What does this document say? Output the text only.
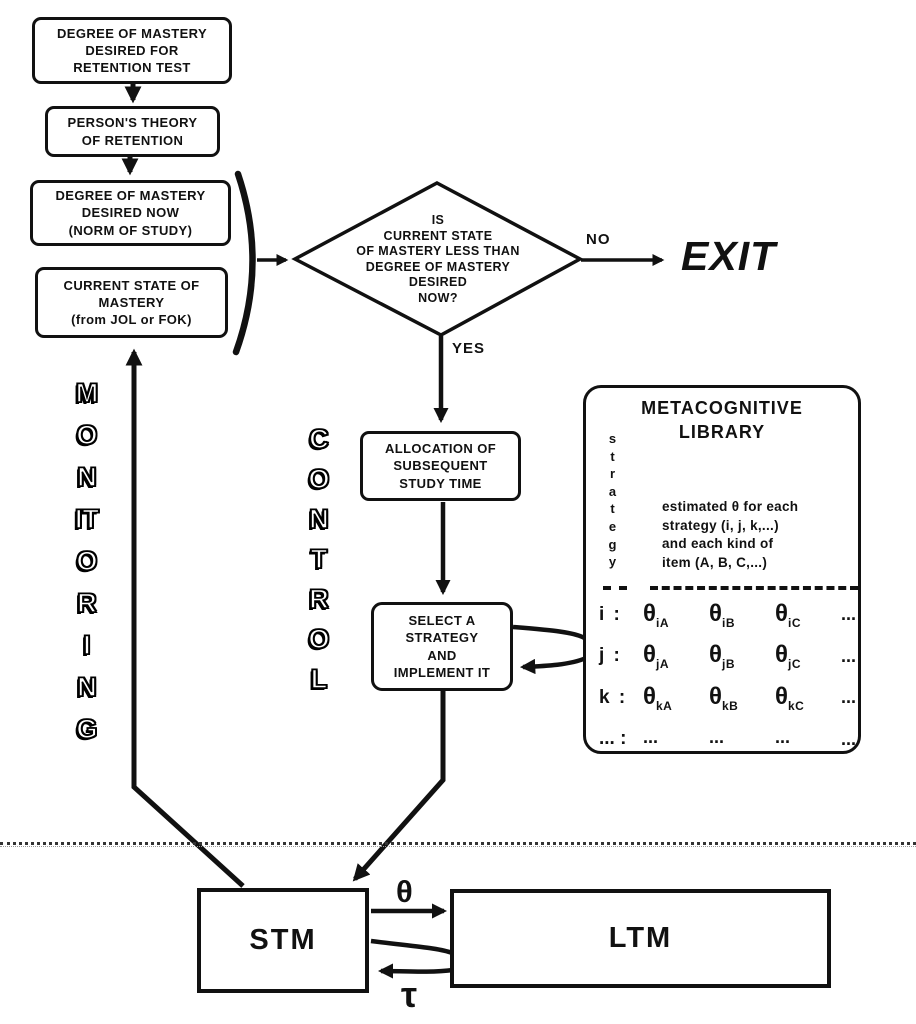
DEGREE OF MASTERY
DESIRED FOR
RETENTION TEST
PERSON'S THEORY
OF RETENTION
DEGREE OF MASTERY
DESIRED NOW
(NORM OF STUDY)
CURRENT STATE OF
MASTERY
(from JOL or FOK)
IS
CURRENT STATE
OF MASTERY LESS THAN
DEGREE OF MASTERY
DESIRED
NOW?
NO
YES
EXIT
ALLOCATION OF
SUBSEQUENT
STUDY TIME
SELECT A
STRATEGY
AND
IMPLEMENT IT
MONITORING
CONTROL
METACOGNITIVE
LIBRARY
strategy
estimated θ for each
strategy (i, j, k,...)
and each kind of
item (A, B, C,...)
i : $\theta_{iA}$	$\theta_{iB}$	$\theta_{iC}$	...
j : $\theta_{jA}$	$\theta_{jB}$	$\theta_{jC}$	...
k : $\theta_{kA}$	$\theta_{kB}$	$\theta_{kC}$	...
... : ...	...	...	...
STM	LTM
θ
τ
